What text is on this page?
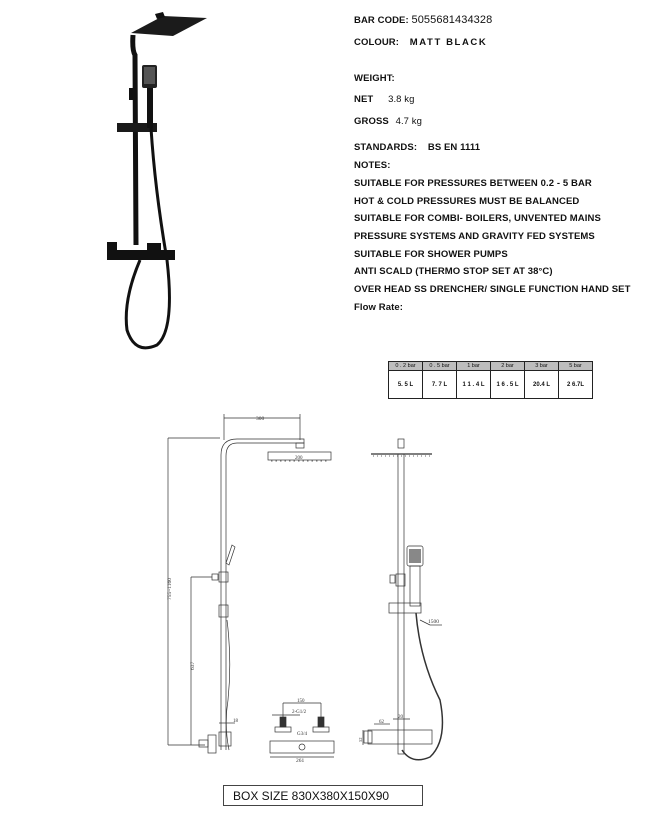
BAR CODE: 5055681434328
COLOUR: MATT BLACK
WEIGHT:
NET 3.8 kg
GROSS 4.7 kg
STANDARDS: BS EN 1111
NOTES:
SUITABLE FOR PRESSURES BETWEEN 0.2 - 5 BAR
HOT & COLD PRESSURES MUST BE BALANCED
SUITABLE FOR COMBI- BOILERS, UNVENTED MAINS
PRESSURE SYSTEMS AND GRAVITY FED SYSTEMS
SUITABLE FOR SHOWER PUMPS
ANTI SCALD (THERMO STOP SET AT 38°C)
OVER HEAD SS DRENCHER/ SINGLE FUNCTION HAND SET
Flow Rate:
0 . 2 bar	0 . 5 bar	1 bar	2 bar	3 bar	5 bar
5. 5 L	7. 7 L	1 1 . 4 L	1 6 . 5 L	20.4 L	2 6.7L
300
200
755~1160
637
18
150
2-G1/2
G3/4
261
1500
20
62
52
BOX SIZE 830X380X150X90
